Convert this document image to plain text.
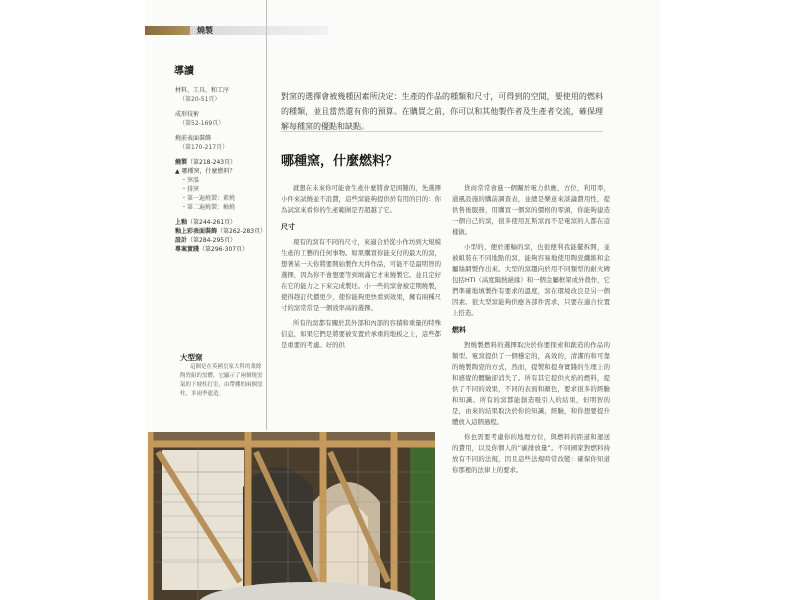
燒製
導讀
材料、工具、和工序
（第20-51頁）
成形技術
（第52-169頁）
燒前表面裝飾
（第170-217頁）
燒製（第218-243頁）
▲ 哪種窯，什麼燃料？
・窯溫
・排窯
・第一遍燒製：素燒
・第二遍燒製：釉燒
上釉（第244-261頁）
釉上彩表面裝飾（第262-283頁）
設計（第284-295頁）
專案實踐（第296-307頁）
對窯的選擇會被幾種因素所決定：生產的作品的種類和尺寸，可得到的空間，要使用的燃料的種類，並且當然還有你的預算。在購買之前，你可以和其他製作者及生產者交流，確保理解每種窯的優點和缺點。
哪種窯，什麼燃料？

就想在未來你可能會生產什麼將會是困難的，先選擇小件來試燒並不浪費，這些窯能夠提供於有用的目的：你為試窯來看你的生產範圍是否超越了它。

尺寸

現有的窯有不同的尺寸，來適合於從小作坊到大規模生產的工藝的任何事物。如果購買你能支付的最大的窯，想著某一天你將要開始製作大件作品，可能不是最明智的選擇，因為你不會想要等到填滿它才來燒製它。並且定好在它的能力之下來完成製坯。小一些的窯會被定期燒製，使得趕訂代價更少，使你能夠更快看到效果，擁有兩種尺寸的窯常常是一個效率高的選擇。

所有的窯都有關於其外部和內部的容積和重量的特殊信息，如果它們是將要被安置於承重的地板之上，這些都是重要的考慮。好的供

貨商常常會進一個關於電力供應，方位，利用率，通風設施的購前調查表，並總是樂意來談論費用性，提供售後服務，用購買一個窯的價格的零頭，你能夠建造一個自己的窯，很多使用瓦斯窯而不是電窯的人都在這樣做。

小型的，便於運輸的窯，也很便利我能擺拆開，並被組裝在不同地點的窯，能夠容易地使用陶瓷纖維和金屬絲網製作出來。大型的窯趨向於用不同類型的耐火磚包括HTI（高度隔熱絕緣）和一個金屬框架或外殼作，它們準確地填製作有要求的溫度，窯在環境改良是另一個因素。很大型窯能夠供應各部件需求，只要在適合位置上搭造。

燃料

對燒製燃料的選擇取決於你要探索和創造的作品的類型。電窯提供了一個穩定的，高效的，清潔的和可靠的燒製陶瓷的方式，然而，提製和提身實踐的生理上的和感覺的體驗卻消失了。所有其它提供火焰的燃料，提供了不同的效果，不同的表面和顏色，要求很多的經驗和知識。所有的窯都能創造吸引人的結果，但明智的是，由來的結果取決於你的知識，經驗，和你想要提升體放入這個過程。

你也需要考慮你的地理方位，與燃料的距道和運送的費用，以及你個人的“碳排放量”。不同國家對燃料持放有不同的法規，因且這些法規時常改變：確保你知道你那裡的法律上的要求。

大型窯
這個是在英國皇家大科的業餘陶瓷組的窯體，它顯示了兩個燒窯氣的下坡柱打室，由帶棚的兩個窯柱，多雨季遮造。
